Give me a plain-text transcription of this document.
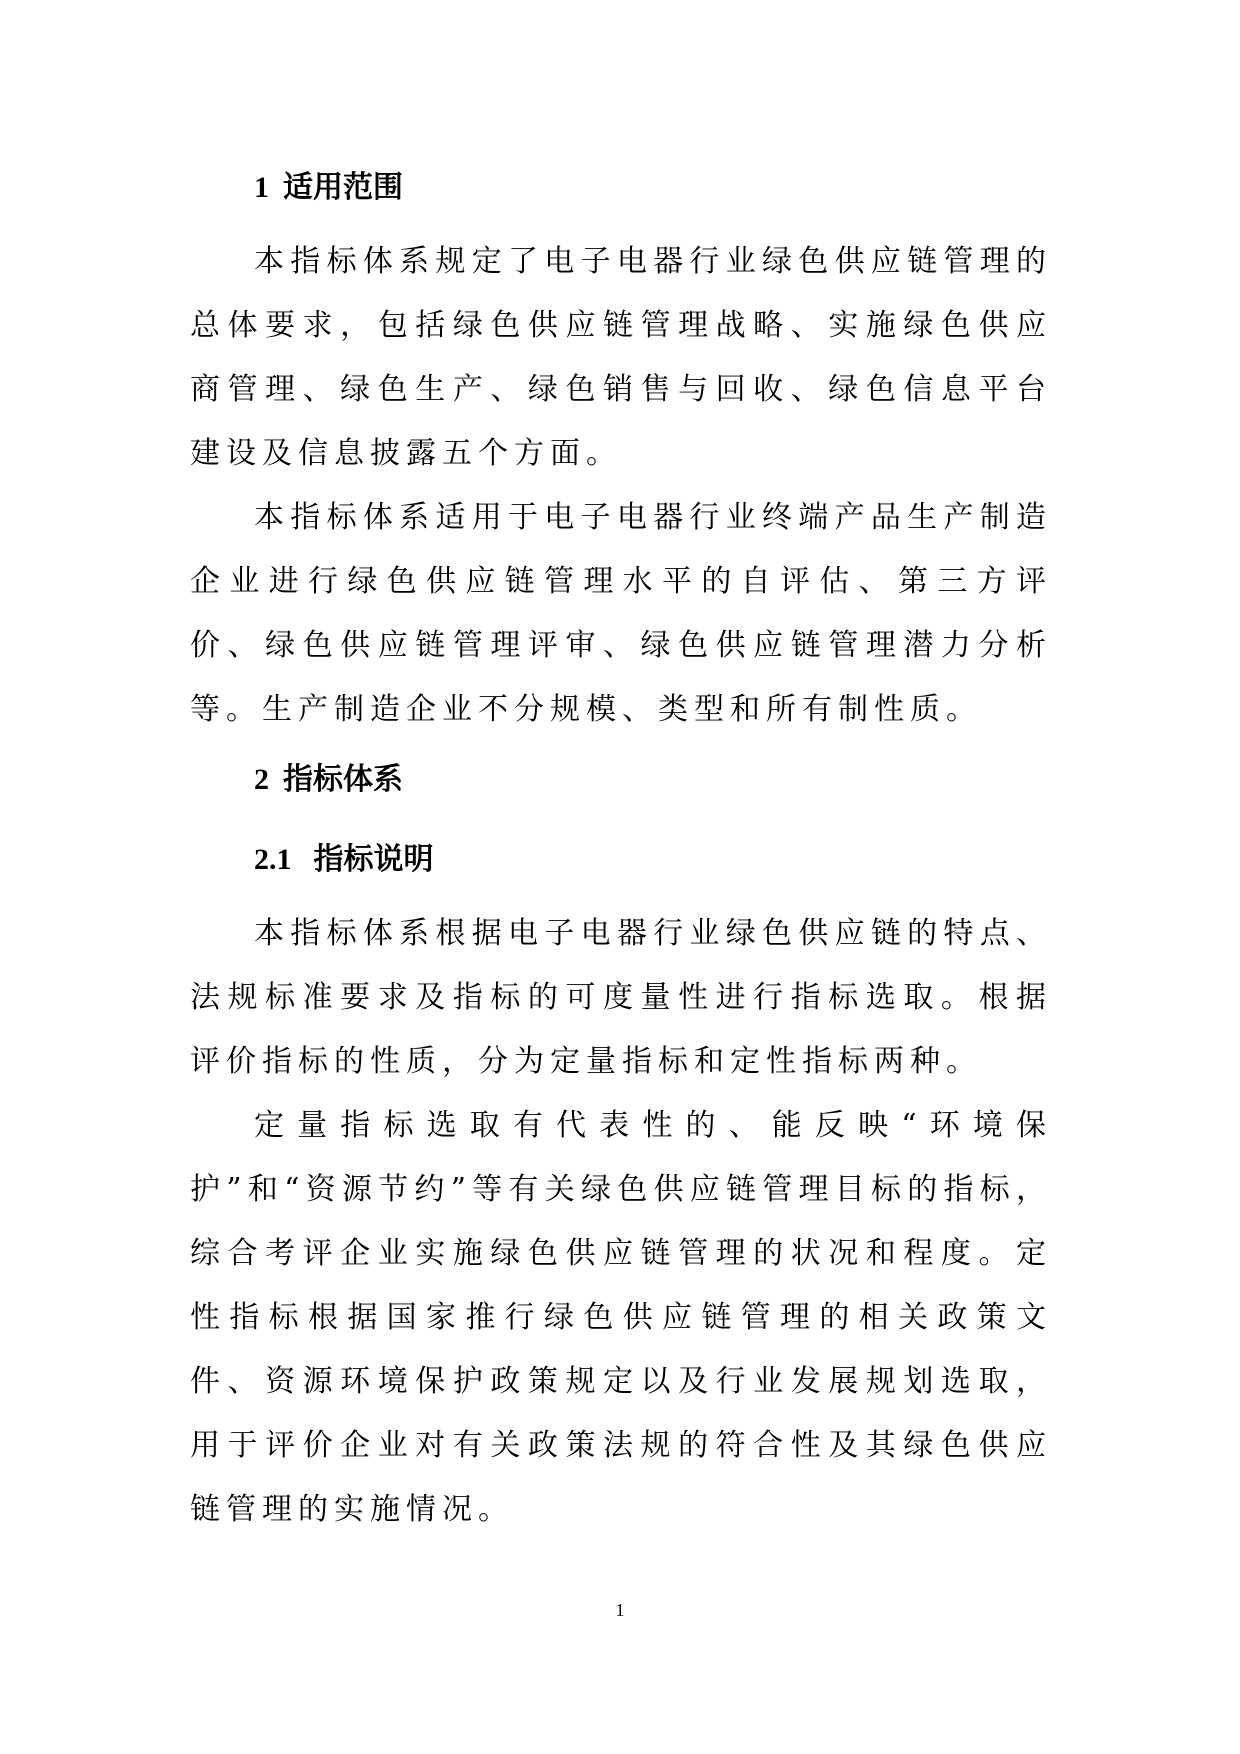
1 适用范围

本指标体系规定了电子电器行业绿色供应链管理的总体要求，包括绿色供应链管理战略、实施绿色供应商管理、绿色生产、绿色销售与回收、绿色信息平台建设及信息披露五个方面。

本指标体系适用于电子电器行业终端产品生产制造企业进行绿色供应链管理水平的自评估、第三方评价、绿色供应链管理评审、绿色供应链管理潜力分析等。生产制造企业不分规模、类型和所有制性质。

2 指标体系
2.1 指标说明

本指标体系根据电子电器行业绿色供应链的特点、法规标准要求及指标的可度量性进行指标选取。根据评价指标的性质，分为定量指标和定性指标两种。

定量指标选取有代表性的、能反映“环境保护”和“资源节约”等有关绿色供应链管理目标的指标，综合考评企业实施绿色供应链管理的状况和程度。定性指标根据国家推行绿色供应链管理的相关政策文件、资源环境保护政策规定以及行业发展规划选取，用于评价企业对有关政策法规的符合性及其绿色供应链管理的实施情况。

1
